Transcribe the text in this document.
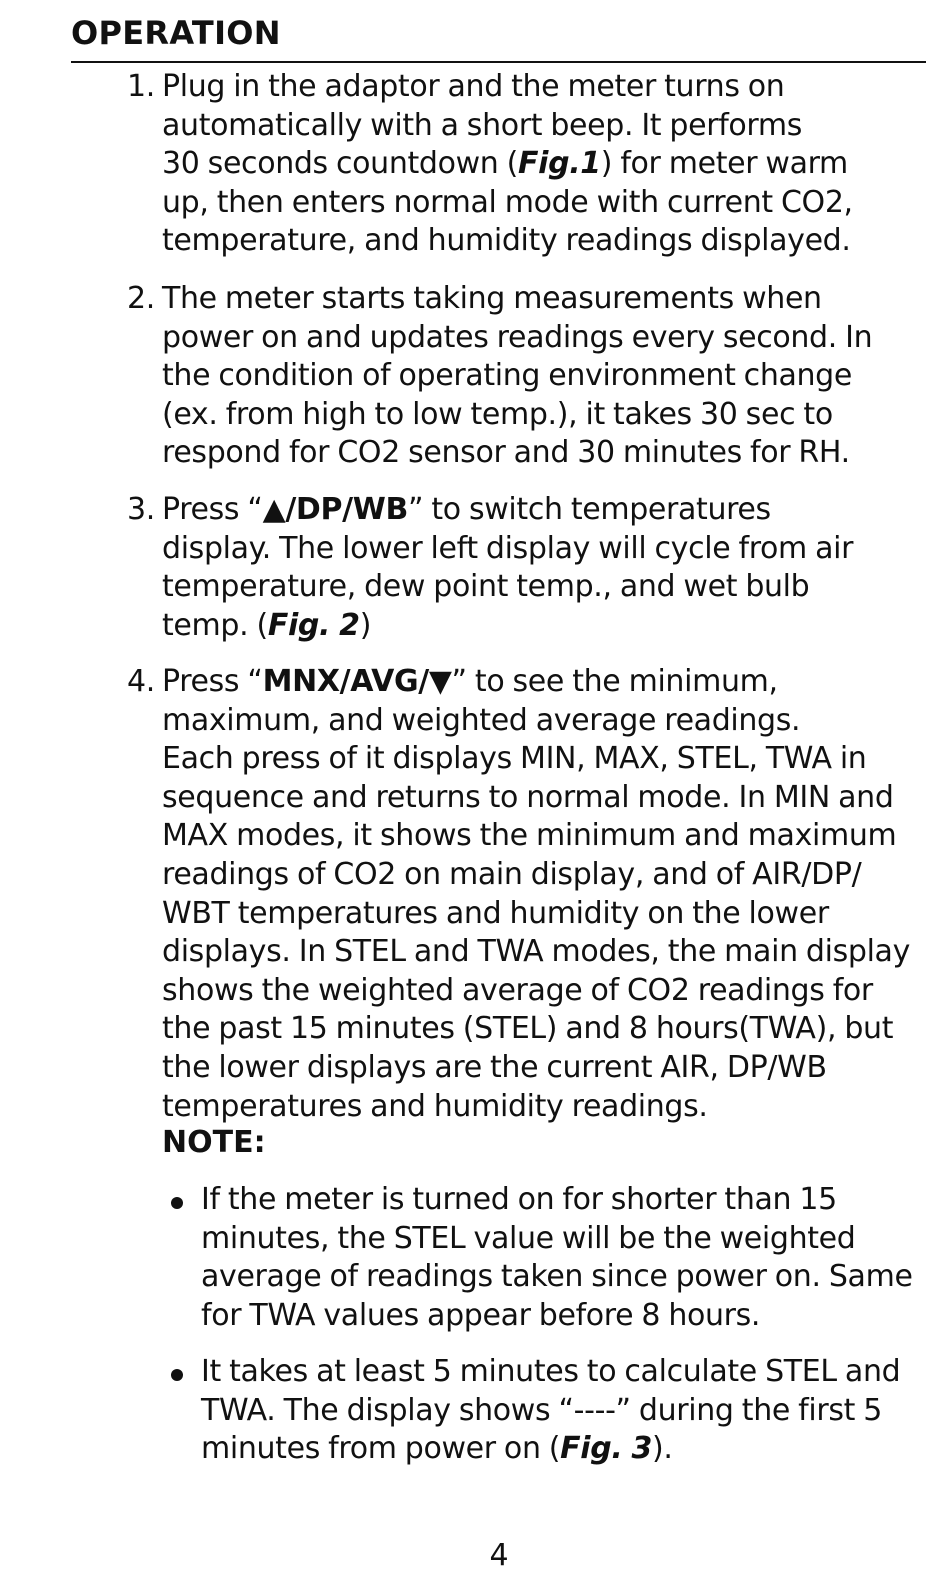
OPERATION
1. Plug in the adaptor and the meter turns on
automatically with a short beep. It performs
30 seconds countdown (Fig.1) for meter warm
up, then enters normal mode with current CO2,
temperature, and humidity readings displayed.
2. The meter starts taking measurements when
power on and updates readings every second. In
the condition of operating environment change
(ex. from high to low temp.), it takes 30 sec to
respond for CO2 sensor and 30 minutes for RH.
3. Press “▲/DP/WB” to switch temperatures
display. The lower left display will cycle from air
temperature, dew point temp., and wet bulb
temp. (Fig. 2)
4. Press “MNX/AVG/▼” to see the minimum,
maximum, and weighted average readings.
Each press of it displays MIN, MAX, STEL, TWA in
sequence and returns to normal mode. In MIN and
MAX modes, it shows the minimum and maximum
readings of CO2 on main display, and of AIR/DP/
WBT temperatures and humidity on the lower
displays. In STEL and TWA modes, the main display
shows the weighted average of CO2 readings for
the past 15 minutes (STEL) and 8 hours(TWA), but
the lower displays are the current AIR, DP/WB
temperatures and humidity readings.
NOTE:
If the meter is turned on for shorter than 15
minutes, the STEL value will be the weighted
average of readings taken since power on. Same
for TWA values appear before 8 hours.
It takes at least 5 minutes to calculate STEL and
TWA. The display shows “----” during the first 5
minutes from power on (Fig. 3).
4
